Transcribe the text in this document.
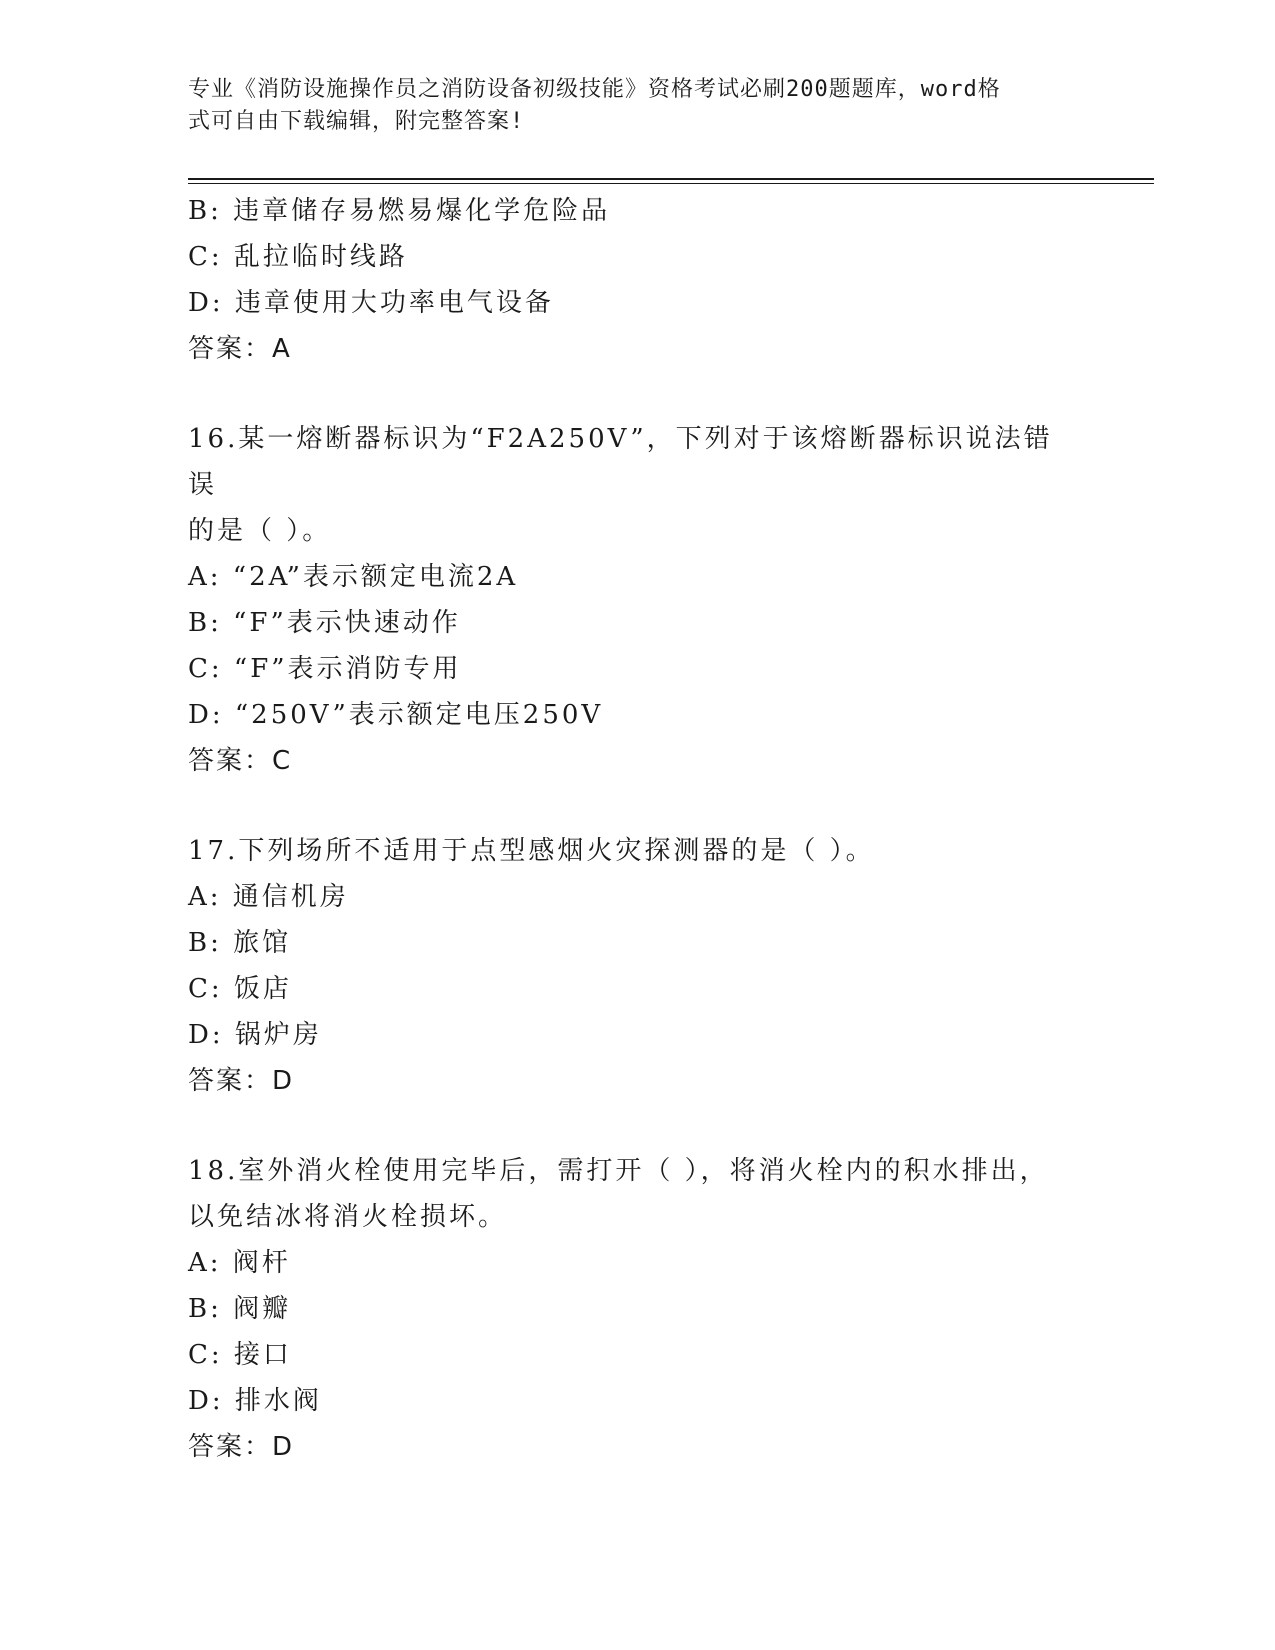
专业《消防设施操作员之消防设备初级技能》资格考试必刷200题题库，word格
式可自由下载编辑，附完整答案!
B: 违章储存易燃易爆化学危险品
C: 乱拉临时线路
D: 违章使用大功率电气设备
答案：A
16.某一熔断器标识为“F2A250V”，下列对于该熔断器标识说法错误
的是（ ）。
A: “2A”表示额定电流2A
B: “F”表示快速动作
C: “F”表示消防专用
D: “250V”表示额定电压250V
答案：C
17.下列场所不适用于点型感烟火灾探测器的是（ ）。
A: 通信机房
B: 旅馆
C: 饭店
D: 锅炉房
答案：D
18.室外消火栓使用完毕后，需打开（ ），将消火栓内的积水排出，
以免结冰将消火栓损坏。
A: 阀杆
B: 阀瓣
C: 接口
D: 排水阀
答案：D
